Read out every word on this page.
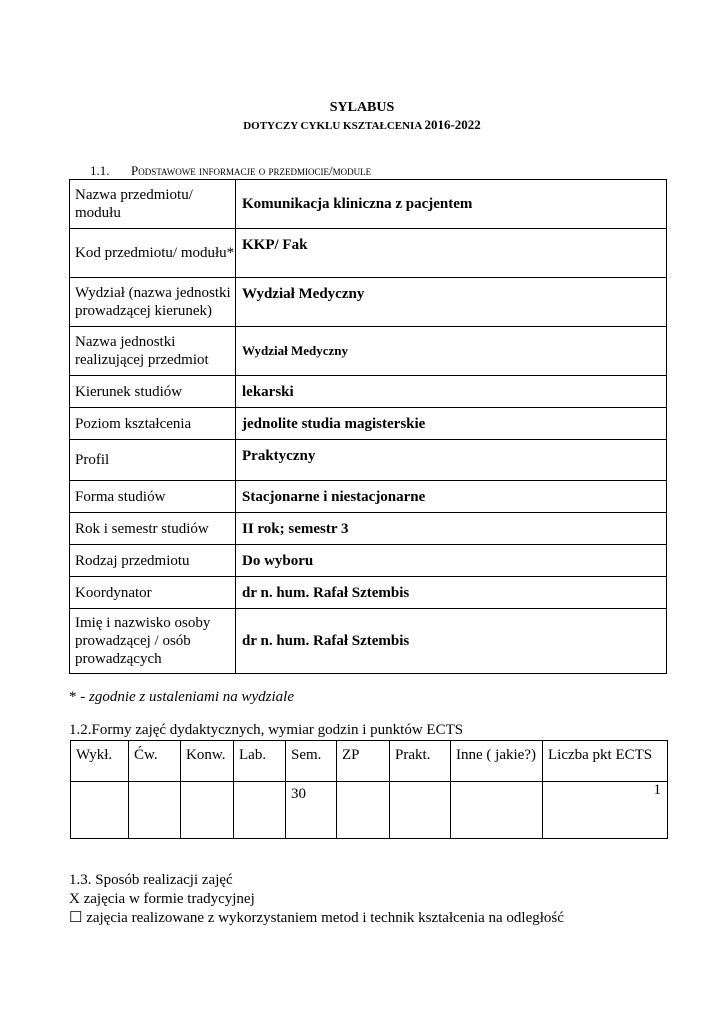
SYLABUS
DOTYCZY CYKLU KSZTAŁCENIA 2016-2022
1.1. Podstawowe informacje o przedmiocie/module
Nazwa przedmiotu/ modułu	Komunikacja kliniczna z pacjentem
Kod przedmiotu/ modułu*	KKP/ Fak
Wydział (nazwa jednostki prowadzącej kierunek)	Wydział Medyczny
Nazwa jednostki realizującej przedmiot	Wydział Medyczny
Kierunek studiów	lekarski
Poziom kształcenia	jednolite studia magisterskie
Profil	Praktyczny
Forma studiów	Stacjonarne i niestacjonarne
Rok i semestr studiów	II rok; semestr 3
Rodzaj przedmiotu	Do wyboru
Koordynator	dr n. hum. Rafał Sztembis
Imię i nazwisko osoby prowadzącej / osób prowadzących	dr n. hum. Rafał Sztembis
* - zgodnie z ustaleniami na wydziale
1.2.Formy zajęć dydaktycznych, wymiar godzin i punktów ECTS
Wykł.	Ćw.	Konw.	Lab.	Sem.	ZP	Prakt.	Inne ( jakie?)	Liczba pkt ECTS
				30				1
1.3. Sposób realizacji zajęć
X zajęcia w formie tradycyjnej
☐ zajęcia realizowane z wykorzystaniem metod i technik kształcenia na odległość
